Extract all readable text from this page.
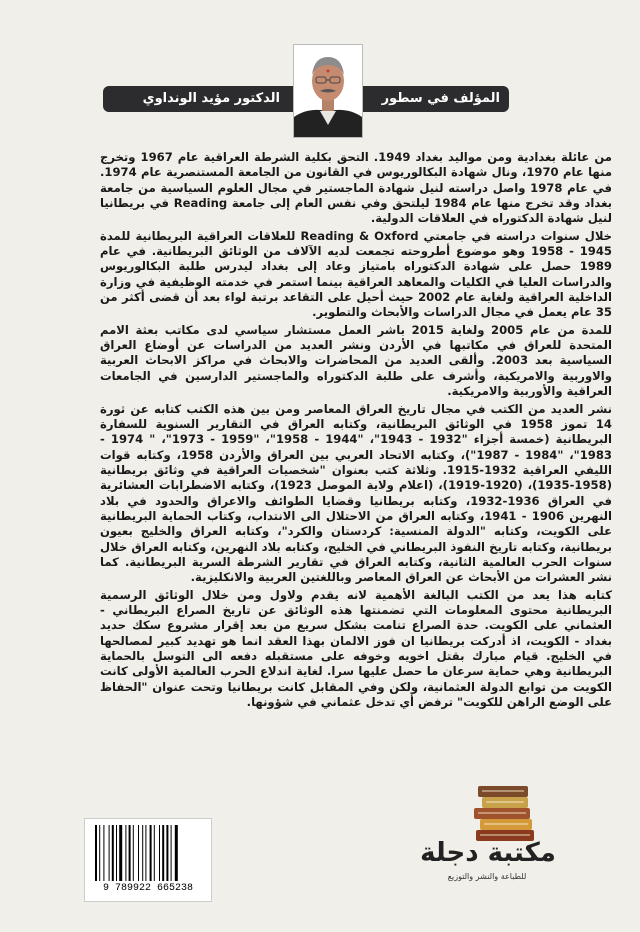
الدكتور مؤيد الونداوي	المؤلف في سطور

من عائلة بغدادية ومن مواليد بغداد 1949. التحق بكلية الشرطة العراقية عام 1967 وتخرج منها عام 1970، ونال شهادة البكالوريوس في القانون من الجامعة المستنصرية عام 1974. في عام 1978 واصل دراسته لنيل شهادة الماجستير في مجال العلوم السياسية من جامعة بغداد وقد تخرج منها عام 1984 ليلتحق وفي نفس العام إلى جامعة Reading في بريطانيا لنيل شهادة الدكتوراه في العلاقات الدولية.

خلال سنوات دراسته في جامعتي Reading & Oxford للعلاقات العراقية البريطانية للمدة 1945 - 1958 وهو موضوع أطروحته تجمعت لديه الآلاف من الوثائق البريطانية. في عام 1989 حصل على شهادة الدكتوراه بامتياز وعاد إلى بغداد ليدرس طلبة البكالوريوس والدراسات العليا في الكليات والمعاهد العراقية بينما استمر في خدمته الوظيفية في وزارة الداخلية العراقية ولغاية عام 2002 حيث أحيل على التقاعد برتبة لواء بعد أن قضى أكثر من 35 عام يعمل في مجال الدراسات والأبحاث والتطوير.

للمدة من عام 2005 ولغاية 2015 باشر العمل مستشار سياسي لدى مكاتب بعثة الامم المتحدة للعراق في مكاتبها في الأردن ونشر العديد من الدراسات عن أوضاع العراق السياسية بعد 2003. وألقى العديد من المحاضرات والابحاث في مراكز الابحاث العربية والاوربية والامريكية، وأشرف على طلبة الدكتوراه والماجستير الدارسين في الجامعات العراقية والأوربية والامريكية.

نشر العديد من الكتب في مجال تاريخ العراق المعاصر ومن بين هذه الكتب كتابه عن ثورة 14 تموز 1958 في الوثائق البريطانية، وكتابه العراق في التقارير السنوية للسفارة البريطانية (خمسة أجزاء "1932 - 1943"، "1944 - 1958"، "1959 - 1973"، " 1974 - 1983"، "1984 - 1987")، وكتابه الاتحاد العربي بين العراق والأردن 1958، وكتابه قوات الليفي العراقية 1932-1915. وثلاثة كتب بعنوان "شخصيات العراقية في وثائق بريطانية (1958-1935)، (1920-1919)، (اعلام ولاية الموصل 1923)، وكتابه الاضطرابات العشائرية في العراق 1936-1932، وكتابه بريطانيا وقضايا الطوائف والاعراق والحدود في بلاد النهرين 1906 - 1941، وكتابه العراق من الاحتلال الى الانتداب، وكتاب الحماية البريطانية على الكويت، وكتابه "الدولة المنسية: كردستان والكرد"، وكتابه العراق والخليج بعيون بريطانية، وكتابه تاريخ النفوذ البريطاني في الخليج، وكتابه بلاد النهرين، وكتابه العراق خلال سنوات الحرب العالمية الثانية، وكتابه العراق في تقارير الشرطة السرية البريطانية. كما نشر العشرات من الأبحاث عن العراق المعاصر وباللغتين العربية والانكليزية.

كتابه هذا يعد من الكتب البالغة الأهمية لانه يقدم ولاول ومن خلال الوثائق الرسمية البريطانية محتوى المعلومات التي تضمنتها هذه الوثائق عن تاريخ الصراع البريطاني - العثماني على الكويت. حدة الصراع تنامت بشكل سريع من بعد إقرار مشروع سكك حديد بغداد - الكويت، اذ أدركت بريطانيا ان فوز الالمان بهذا العقد انما هو تهديد كبير لمصالحها في الخليج. قيام مبارك بقتل اخويه وخوفه على مستقبله دفعه الى التوسل بالحماية البريطانية وهي حماية سرعان ما حصل عليها سرا. لغاية اندلاع الحرب العالمية الأولى كانت الكويت من توابع الدولة العثمانية، ولكن وفي المقابل كانت بريطانيا وتحت عنوان "الحفاظ على الوضع الراهن للكويت" ترفض أي تدخل عثماني في شؤونها.

9 789922 665238
مكتبة دجلة
للطباعة والنشر والتوزيع
